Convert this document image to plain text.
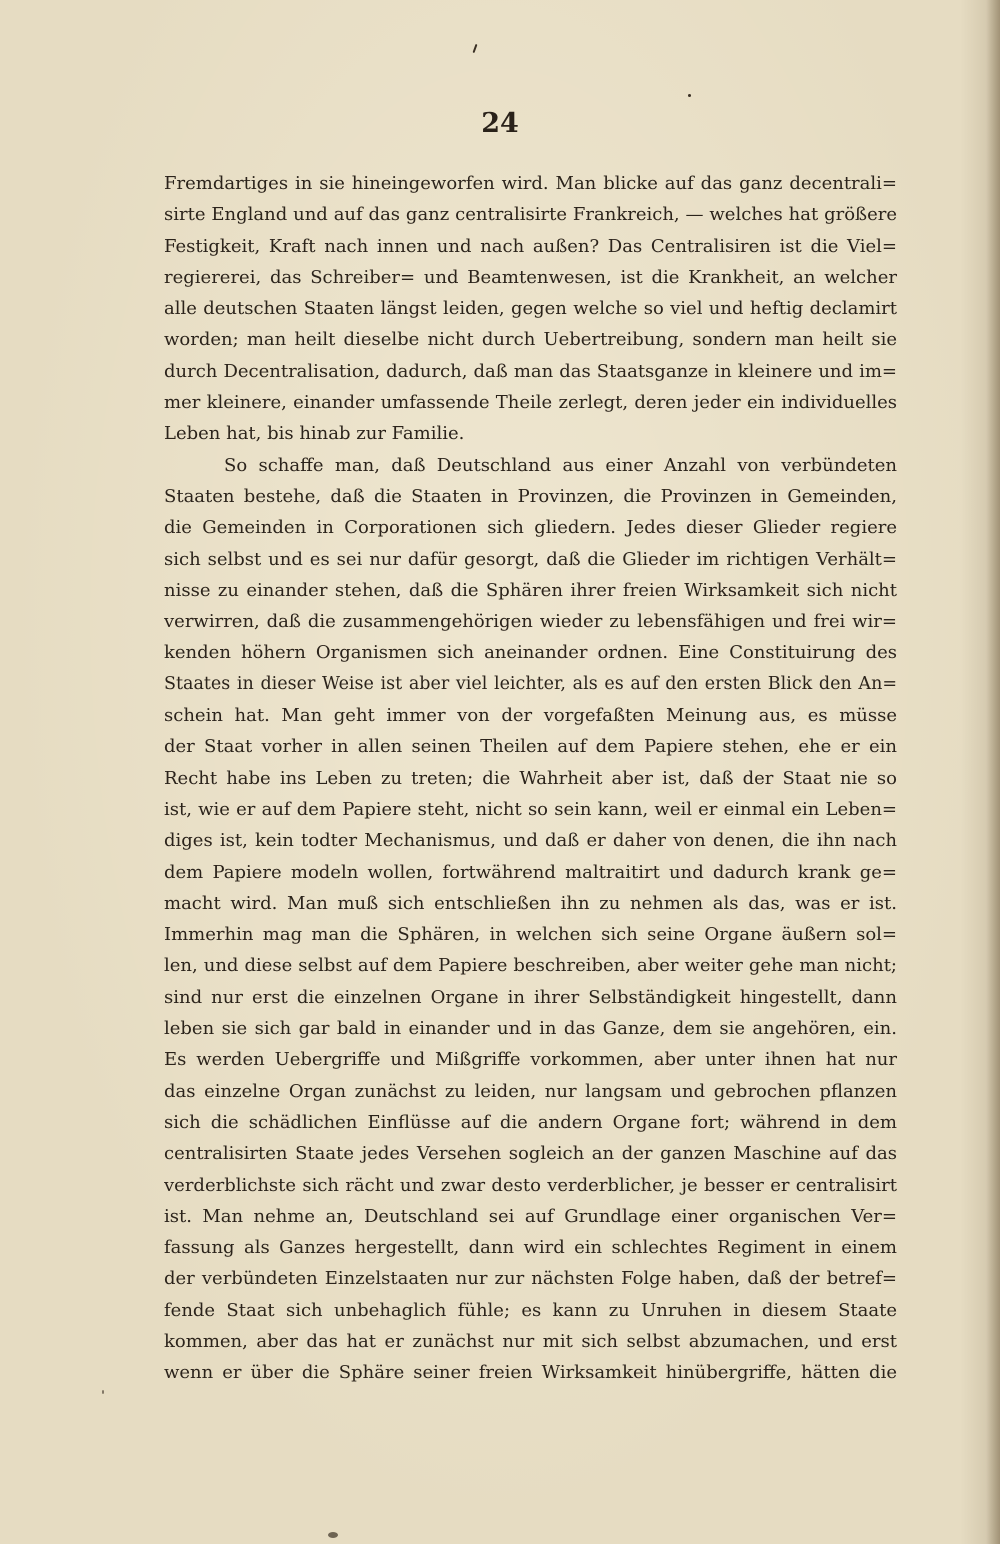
24
Fremdartiges in sie hineingeworfen wird. Man blicke auf das ganz decentrali=
sirte England und auf das ganz centralisirte Frankreich, — welches hat größere
Festigkeit, Kraft nach innen und nach außen? Das Centralisiren ist die Viel=
regiererei, das Schreiber= und Beamtenwesen, ist die Krankheit, an welcher
alle deutschen Staaten längst leiden, gegen welche so viel und heftig declamirt
worden; man heilt dieselbe nicht durch Uebertreibung, sondern man heilt sie
durch Decentralisation, dadurch, daß man das Staatsganze in kleinere und im=
mer kleinere, einander umfassende Theile zerlegt, deren jeder ein individuelles
Leben hat, bis hinab zur Familie.
So schaffe man, daß Deutschland aus einer Anzahl von verbündeten
Staaten bestehe, daß die Staaten in Provinzen, die Provinzen in Gemeinden,
die Gemeinden in Corporationen sich gliedern. Jedes dieser Glieder regiere
sich selbst und es sei nur dafür gesorgt, daß die Glieder im richtigen Verhält=
nisse zu einander stehen, daß die Sphären ihrer freien Wirksamkeit sich nicht
verwirren, daß die zusammengehörigen wieder zu lebensfähigen und frei wir=
kenden höhern Organismen sich aneinander ordnen. Eine Constituirung des
Staates in dieser Weise ist aber viel leichter, als es auf den ersten Blick den An=
schein hat. Man geht immer von der vorgefaßten Meinung aus, es müsse
der Staat vorher in allen seinen Theilen auf dem Papiere stehen, ehe er ein
Recht habe ins Leben zu treten; die Wahrheit aber ist, daß der Staat nie so
ist, wie er auf dem Papiere steht, nicht so sein kann, weil er einmal ein Leben=
diges ist, kein todter Mechanismus, und daß er daher von denen, die ihn nach
dem Papiere modeln wollen, fortwährend maltraitirt und dadurch krank ge=
macht wird. Man muß sich entschließen ihn zu nehmen als das, was er ist.
Immerhin mag man die Sphären, in welchen sich seine Organe äußern sol=
len, und diese selbst auf dem Papiere beschreiben, aber weiter gehe man nicht;
sind nur erst die einzelnen Organe in ihrer Selbständigkeit hingestellt, dann
leben sie sich gar bald in einander und in das Ganze, dem sie angehören, ein.
Es werden Uebergriffe und Mißgriffe vorkommen, aber unter ihnen hat nur
das einzelne Organ zunächst zu leiden, nur langsam und gebrochen pflanzen
sich die schädlichen Einflüsse auf die andern Organe fort; während in dem
centralisirten Staate jedes Versehen sogleich an der ganzen Maschine auf das
verderblichste sich rächt und zwar desto verderblicher, je besser er centralisirt
ist. Man nehme an, Deutschland sei auf Grundlage einer organischen Ver=
fassung als Ganzes hergestellt, dann wird ein schlechtes Regiment in einem
der verbündeten Einzelstaaten nur zur nächsten Folge haben, daß der betref=
fende Staat sich unbehaglich fühle; es kann zu Unruhen in diesem Staate
kommen, aber das hat er zunächst nur mit sich selbst abzumachen, und erst
wenn er über die Sphäre seiner freien Wirksamkeit hinübergriffe, hätten die
